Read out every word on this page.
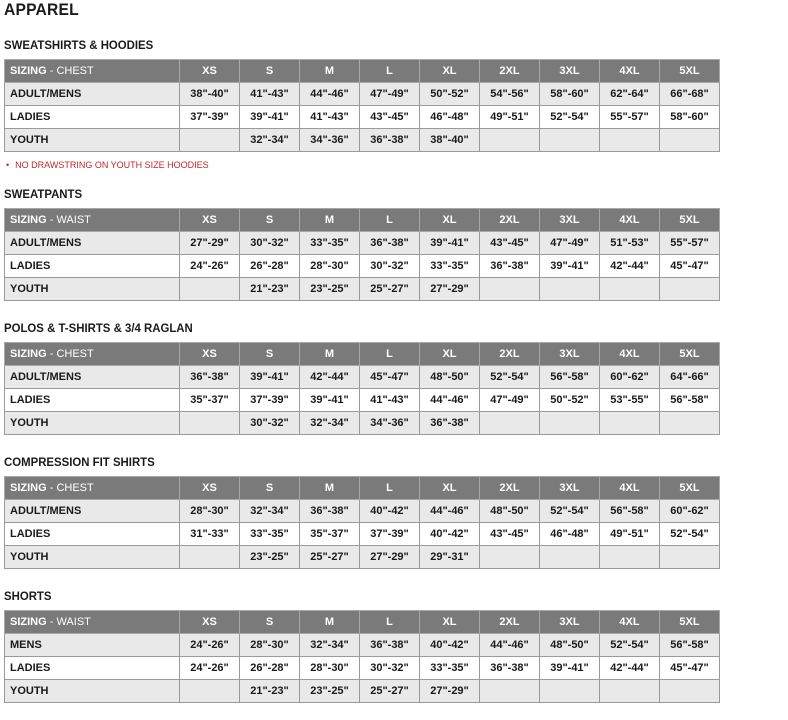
APPAREL
SWEATSHIRTS & HOODIES
SIZING - CHEST	XS	S	M	L	XL	2XL	3XL	4XL	5XL
ADULT/MENS	38"-40"	41"-43"	44"-46"	47"-49"	50"-52"	54"-56"	58"-60"	62"-64"	66"-68"
LADIES	37"-39"	39"-41"	41"-43"	43"-45"	46"-48"	49"-51"	52"-54"	55"-57"	58"-60"
YOUTH		32"-34"	34"-36"	36"-38"	38"-40"				
• NO DRAWSTRING ON YOUTH SIZE HOODIES
SWEATPANTS
SIZING - WAIST	XS	S	M	L	XL	2XL	3XL	4XL	5XL
ADULT/MENS	27"-29"	30"-32"	33"-35"	36"-38"	39"-41"	43"-45"	47"-49"	51"-53"	55"-57"
LADIES	24"-26"	26"-28"	28"-30"	30"-32"	33"-35"	36"-38"	39"-41"	42"-44"	45"-47"
YOUTH		21"-23"	23"-25"	25"-27"	27"-29"				
POLOS & T-SHIRTS & 3/4 RAGLAN
SIZING - CHEST	XS	S	M	L	XL	2XL	3XL	4XL	5XL
ADULT/MENS	36"-38"	39"-41"	42"-44"	45"-47"	48"-50"	52"-54"	56"-58"	60"-62"	64"-66"
LADIES	35"-37"	37"-39"	39"-41"	41"-43"	44"-46"	47"-49"	50"-52"	53"-55"	56"-58"
YOUTH		30"-32"	32"-34"	34"-36"	36"-38"				
COMPRESSION FIT SHIRTS
SIZING - CHEST	XS	S	M	L	XL	2XL	3XL	4XL	5XL
ADULT/MENS	28"-30"	32"-34"	36"-38"	40"-42"	44"-46"	48"-50"	52"-54"	56"-58"	60"-62"
LADIES	31"-33"	33"-35"	35"-37"	37"-39"	40"-42"	43"-45"	46"-48"	49"-51"	52"-54"
YOUTH		23"-25"	25"-27"	27"-29"	29"-31"				
SHORTS
SIZING - WAIST	XS	S	M	L	XL	2XL	3XL	4XL	5XL
MENS	24"-26"	28"-30"	32"-34"	36"-38"	40"-42"	44"-46"	48"-50"	52"-54"	56"-58"
LADIES	24"-26"	26"-28"	28"-30"	30"-32"	33"-35"	36"-38"	39"-41"	42"-44"	45"-47"
YOUTH		21"-23"	23"-25"	25"-27"	27"-29"				
